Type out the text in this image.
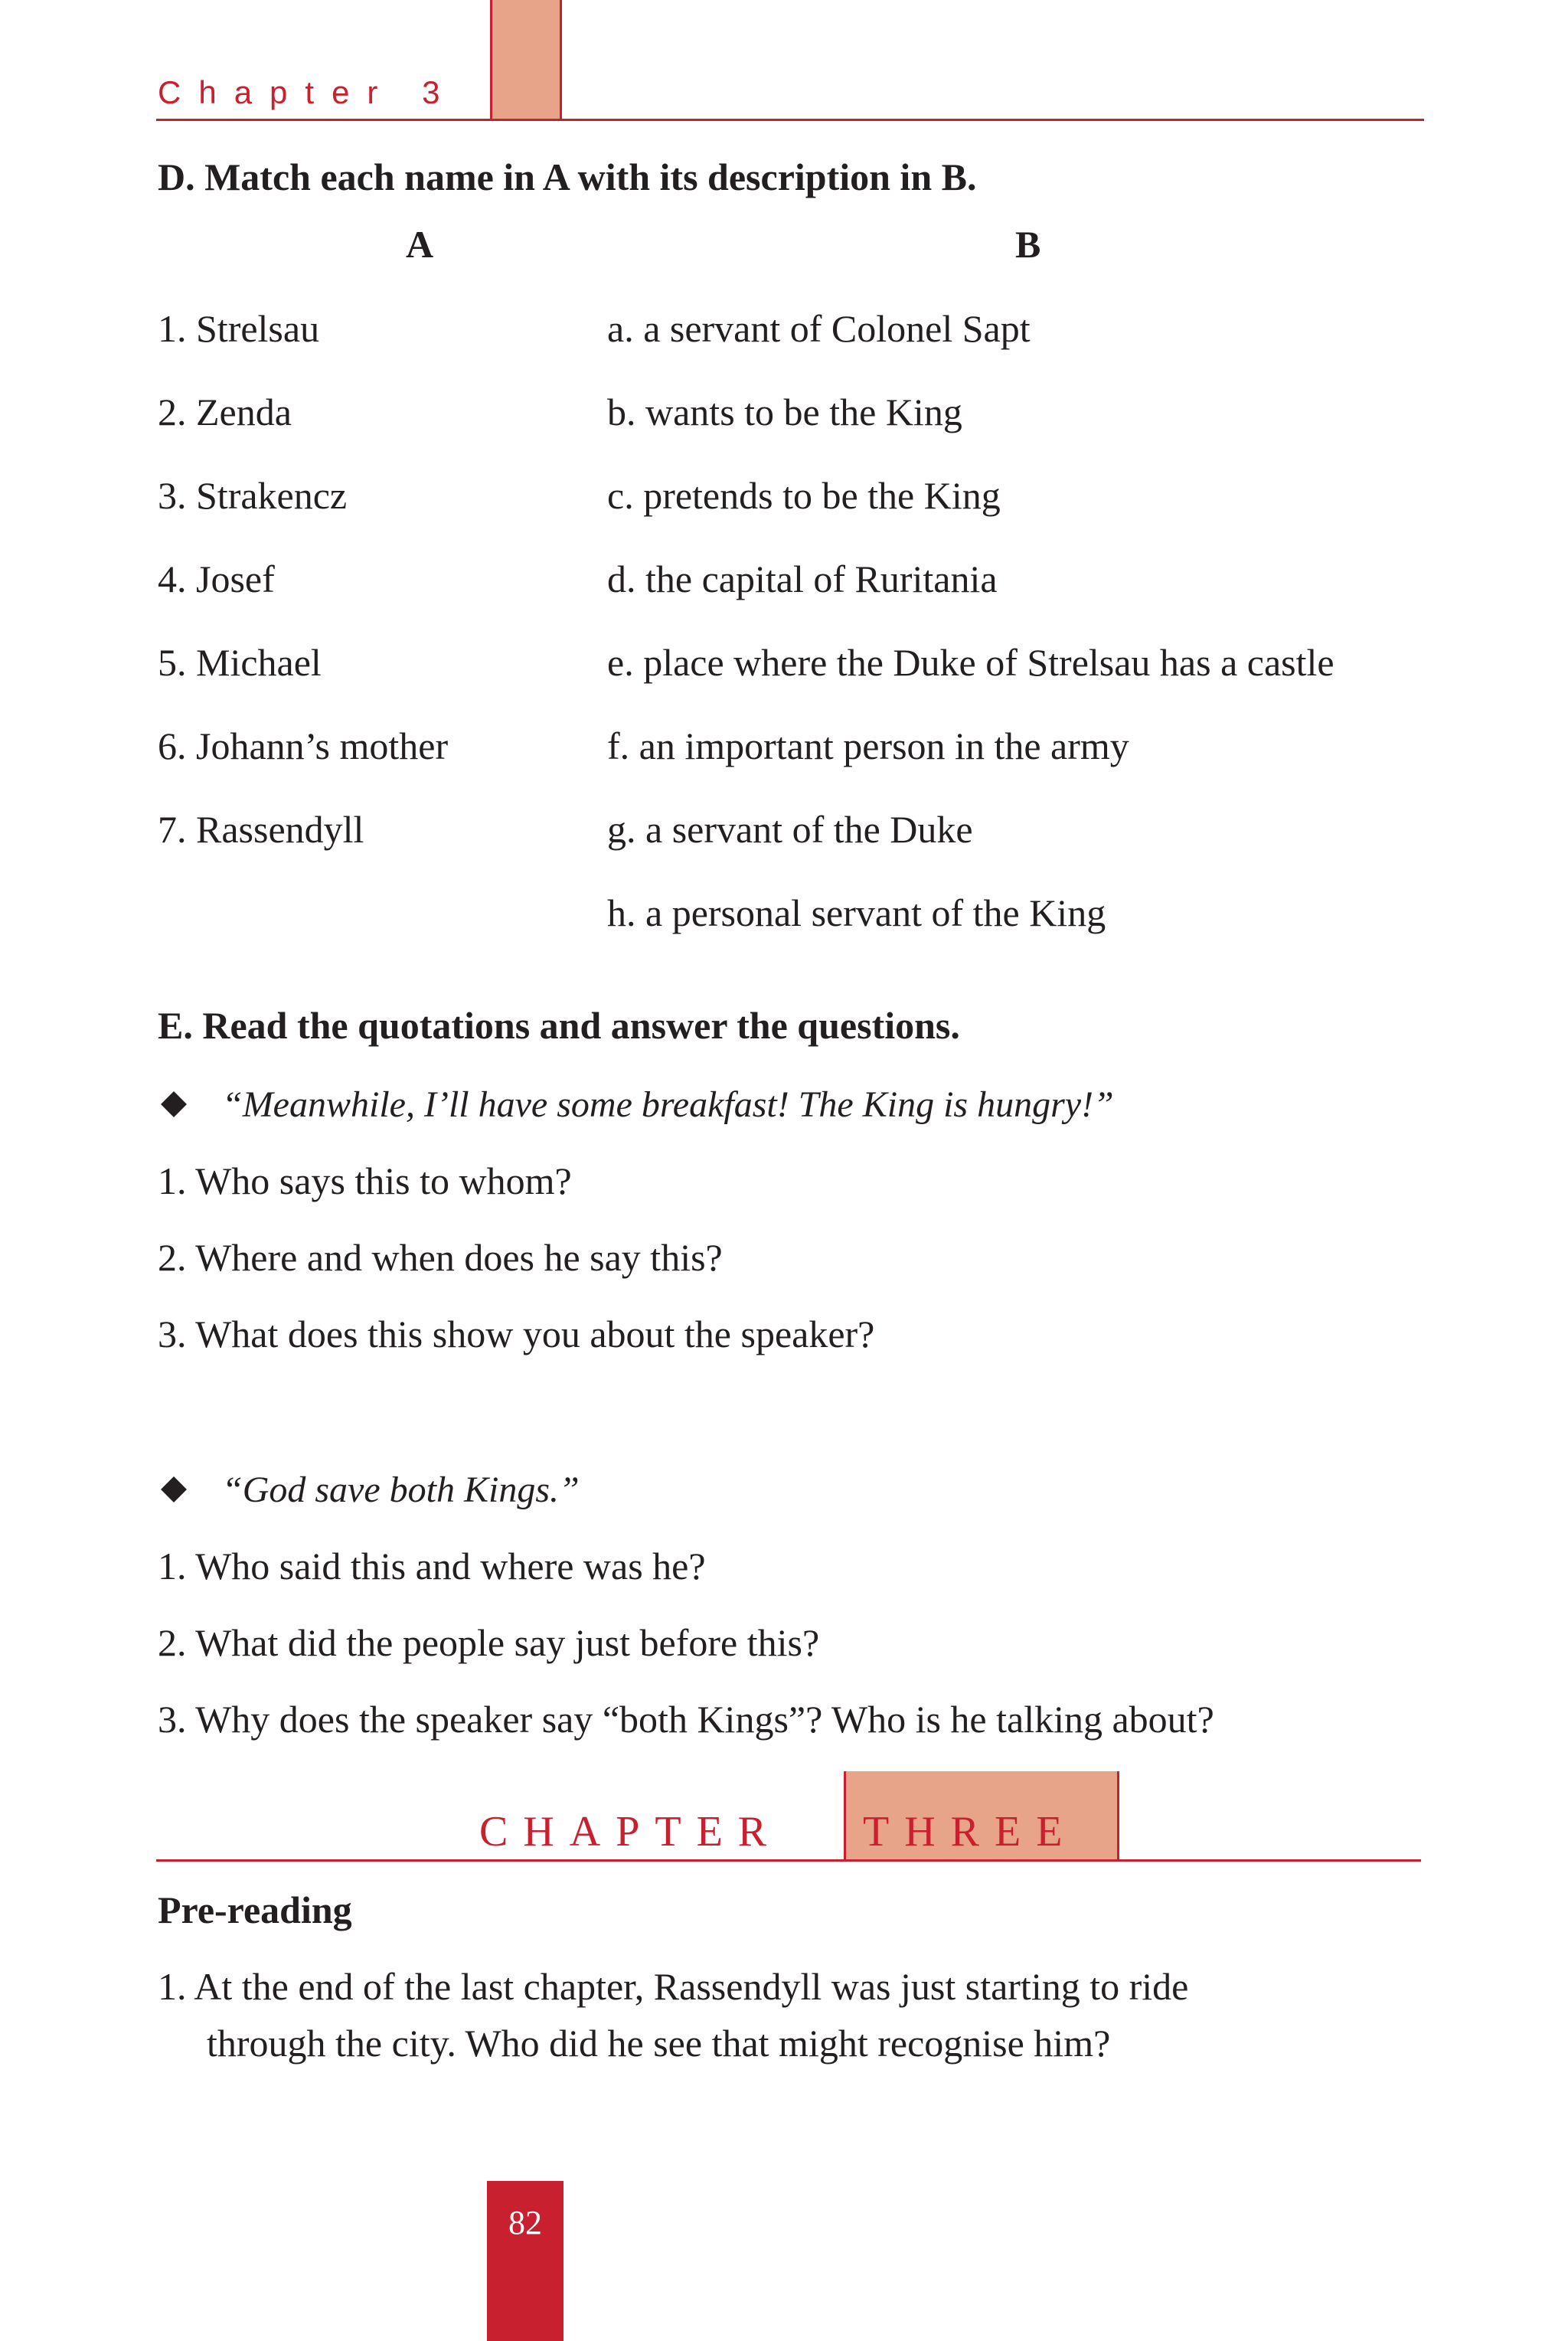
Chapter 3
D. Match each name in A with its description in B.
A	B
1. Strelsau
2. Zenda
3. Strakencz
4. Josef
5. Michael
6. Johann’s mother
7. Rassendyll
a. a servant of Colonel Sapt
b. wants to be the King
c. pretends to be the King
d. the capital of Ruritania
e. place where the Duke of Strelsau has a castle
f. an important person in the army
g. a servant of the Duke
h. a personal servant of the King
E. Read the quotations and answer the questions.
“Meanwhile, I’ll have some breakfast! The King is hungry!”
1. Who says this to whom?
2. Where and when does he say this?
3. What does this show you about the speaker?
“God save both Kings.”
1. Who said this and where was he?
2. What did the people say just before this?
3. Why does the speaker say “both Kings”? Who is he talking about?
CHAPTER THREE
Pre-reading
1. At the end of the last chapter, Rassendyll was just starting to ride
through the city. Who did he see that might recognise him?
82
